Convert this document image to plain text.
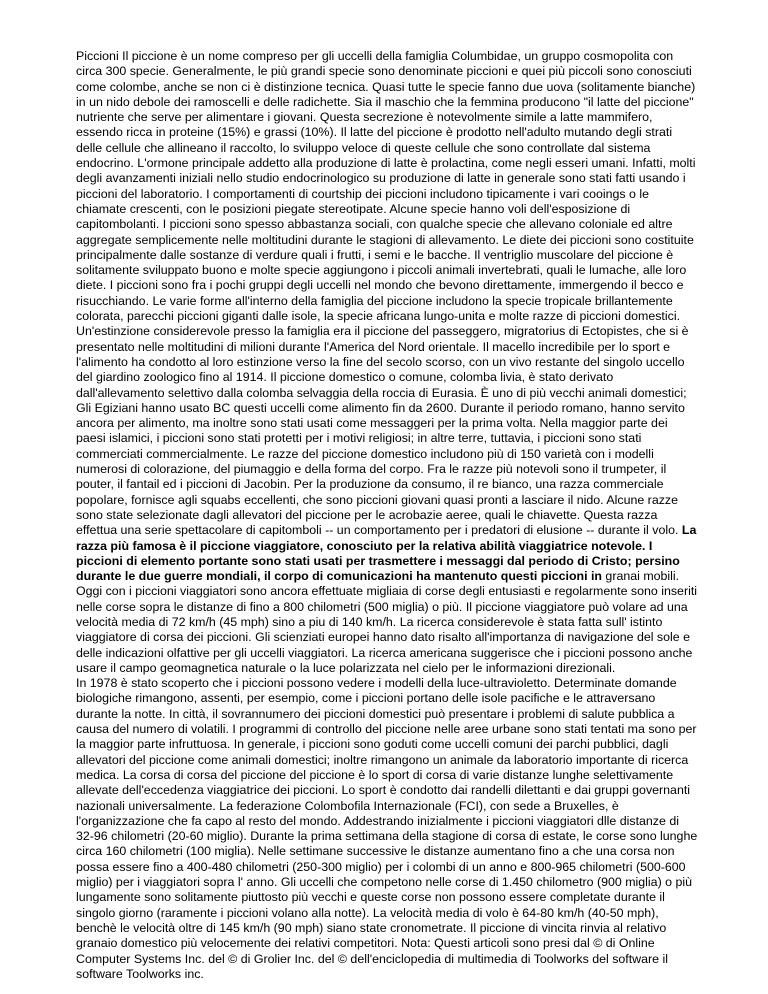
Piccioni Il piccione è un nome compreso per gli uccelli della famiglia Columbidae, un gruppo cosmopolita con circa 300 specie. Generalmente, le più grandi specie sono denominate piccioni e quei più piccoli sono conosciuti come colombe, anche se non ci è distinzione tecnica. Quasi tutte le specie fanno due uova (solitamente bianche) in un nido debole dei ramoscelli e delle radichette. Sia il maschio che la femmina producono "il latte del piccione" nutriente che serve per alimentare i giovani. Questa secrezione è notevolmente simile a latte mammifero, essendo ricca in proteine (15%) e grassi (10%). Il latte del piccione è prodotto nell'adulto mutando degli strati delle cellule che allineano il raccolto, lo sviluppo veloce di queste cellule che sono controllate dal sistema endocrino. L'ormone principale addetto alla produzione di latte è prolactina, come negli esseri umani. Infatti, molti degli avanzamenti iniziali nello studio endocrinologico su produzione di latte in generale sono stati fatti usando i piccioni del laboratorio. I comportamenti di courtship dei piccioni includono tipicamente i vari cooings o le chiamate crescenti, con le posizioni piegate stereotipate. Alcune specie hanno voli dell'esposizione di capitombolanti. I piccioni sono spesso abbastanza sociali, con qualche specie che allevano coloniale ed altre aggregate semplicemente nelle moltitudini durante le stagioni di allevamento. Le diete dei piccioni sono costituite principalmente dalle sostanze di verdure quali i frutti, i semi e le bacche. Il ventriglio muscolare del piccione è solitamente sviluppato buono e molte specie aggiungono i piccoli animali invertebrati, quali le lumache, alle loro diete. I piccioni sono fra i pochi gruppi degli uccelli nel mondo che bevono direttamente, immergendo il becco e risucchiando. Le varie forme all'interno della famiglia del piccione includono la specie tropicale brillantemente colorata, parecchi piccioni giganti dalle isole, la specie africana lungo-unita e molte razze di piccioni domestici. Un'estinzione considerevole presso la famiglia era il piccione del passeggero, migratorius di Ectopistes, che si è presentato nelle moltitudini di milioni durante l'America del Nord orientale. Il macello incredibile per lo sport e l'alimento ha condotto al loro estinzione verso la fine del secolo scorso, con un vivo restante del singolo uccello del giardino zoologico fino al 1914. Il piccione domestico o comune, colomba livia, è stato derivato dall'allevamento selettivo dalla colomba selvaggia della roccia di Eurasia. È uno di più vecchi animali domestici; Gli Egiziani hanno usato BC questi uccelli come alimento fin da 2600. Durante il periodo romano, hanno servito ancora per alimento, ma inoltre sono stati usati come messaggeri per la prima volta. Nella maggior parte dei paesi islamici, i piccioni sono stati protetti per i motivi religiosi; in altre terre, tuttavia, i piccioni sono stati commerciati commercialmente. Le razze del piccione domestico includono più di 150 varietà con i modelli numerosi di colorazione, del piumaggio e della forma del corpo. Fra le razze più notevoli sono il trumpeter, il pouter, il fantail ed i piccioni di Jacobin. Per la produzione da consumo, il re bianco, una razza commerciale popolare, fornisce agli squabs eccellenti, che sono piccioni giovani quasi pronti a lasciare il nido. Alcune razze sono state selezionate dagli allevatori del piccione per le acrobazie aeree, quali le chiavette. Questa razza effettua una serie spettacolare di capitomboli -- un comportamento per i predatori di elusione -- durante il volo. La razza più famosa è il piccione viaggiatore, conosciuto per la relativa abilità viaggiatrice notevole. I piccioni di elemento portante sono stati usati per trasmettere i messaggi dal periodo di Cristo; persino durante le due guerre mondiali, il corpo di comunicazioni ha mantenuto questi piccioni in granai mobili. Oggi con i piccioni viaggiatori sono ancora effettuate migliaia di corse degli entusiasti e regolarmente sono inseriti nelle corse sopra le distanze di fino a 800 chilometri (500 miglia) o più. Il piccione viaggiatore può volare ad una velocità media di 72 km/h (45 mph) sino a piu di 140 km/h. La ricerca considerevole è stata fatta sull' istinto viaggiatore di corsa dei piccioni. Gli scienziati europei hanno dato risalto all'importanza di navigazione del sole e delle indicazioni olfattive per gli uccelli viaggiatori. La ricerca americana suggerisce che i piccioni possono anche usare il campo geomagnetica naturale o la luce polarizzata nel cielo per le informazioni direzionali.

In 1978 è stato scoperto che i piccioni possono vedere i modelli della luce-ultravioletto. Determinate domande biologiche rimangono, assenti, per esempio, come i piccioni portano delle isole pacifiche e le attraversano durante la notte. In città, il sovrannumero dei piccioni domestici può presentare i problemi di salute pubblica a causa del numero di volatili. I programmi di controllo del piccione nelle aree urbane sono stati tentati ma sono per la maggior parte infruttuosa. In generale, i piccioni sono goduti come uccelli comuni dei parchi pubblici, dagli allevatori del piccione come animali domestici; inoltre rimangono un animale da laboratorio importante di ricerca medica. La corsa di corsa del piccione del piccione è lo sport di corsa di varie distanze lunghe selettivamente allevate dell'eccedenza viaggiatrice dei piccioni. Lo sport è condotto dai randelli dilettanti e dai gruppi governanti nazionali universalmente. La federazione Colombofila Internazionale (FCI), con sede a Bruxelles, è l'organizzazione che fa capo al resto del mondo. Addestrando inizialmente i piccioni viaggiatori dlle distanze di 32-96 chilometri (20-60 miglio). Durante la prima settimana della stagione di corsa di estate, le corse sono lunghe circa 160 chilometri (100 miglia). Nelle settimane successive le distanze aumentano fino a che una corsa non possa essere fino a 400-480 chilometri (250-300 miglio) per i colombi di un anno e 800-965 chilometri (500-600 miglio) per i viaggiatori sopra l' anno. Gli uccelli che competono nelle corse di 1.450 chilometro (900 miglia) o più lungamente sono solitamente piuttosto più vecchi e queste corse non possono essere completate durante il singolo giorno (raramente i piccioni volano alla notte). La velocità media di volo è 64-80 km/h (40-50 mph), benchè le velocità oltre di 145 km/h (90 mph) siano state cronometrate. Il piccione di vincita rinvia al relativo granaio domestico più velocemente dei relativi competitori. Nota: Questi articoli sono presi dal © di Online Computer Systems Inc. del © di Grolier Inc. del © dell'enciclopedia di multimedia di Toolworks del software il software Toolworks inc.
